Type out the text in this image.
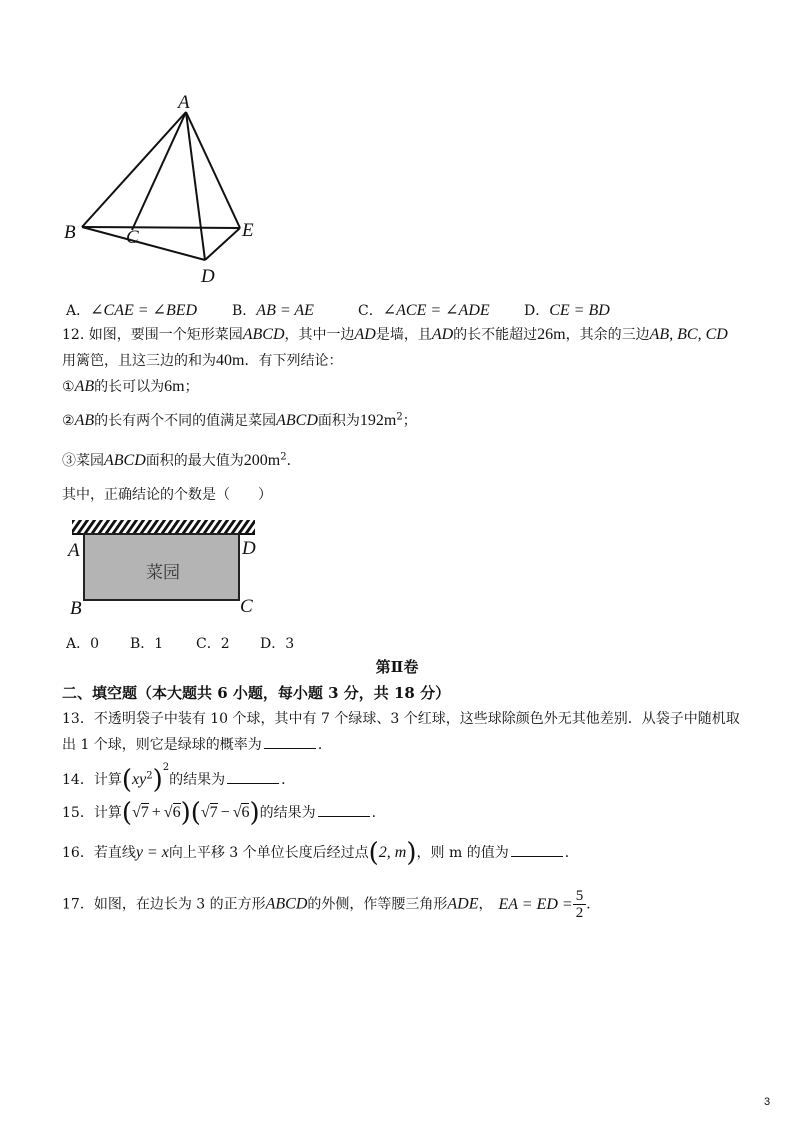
A
B	C
D
E
A．∠CAE = ∠BED B．AB = AE	C．∠ACE = ∠ADE D．CE = BD
12. 如图，要围一个矩形菜园ABCD，其中一边AD是墙，且AD的长不能超过26m，其余的三边AB, BC, CD
用篱笆，且这三边的和为40m．有下列结论：
①AB的长可以为6m；
②AB的长有两个不同的值满足菜园ABCD面积为$192m^2$；
③菜园ABCD面积的最大值为$200m^2$．
其中，正确结论的个数是（　　）
菜园
A	D
B	C
A．0 B．1 C．2 D．3
第Ⅱ卷
二、填空题（本大题共 6 小题，每小题 3 分，共 18 分）
13．不透明袋子中装有 10 个球，其中有 7 个绿球、3 个红球，这些球除颜色外无其他差别．从袋子中随机取
出 1 个球，则它是绿球的概率为	．
14．计算$(xy^2)^2$的结果为	．
15．计算(√7 + √6)(√7 − √6)的结果为	．
16．若直线y = x向上平移 3 个单位长度后经过点(2, m)，则 m 的值为	．
17．如图，在边长为 3 的正方形ABCD的外侧，作等腰三角形ADE， EA = ED = $\frac{5}{2}$ ．
3
